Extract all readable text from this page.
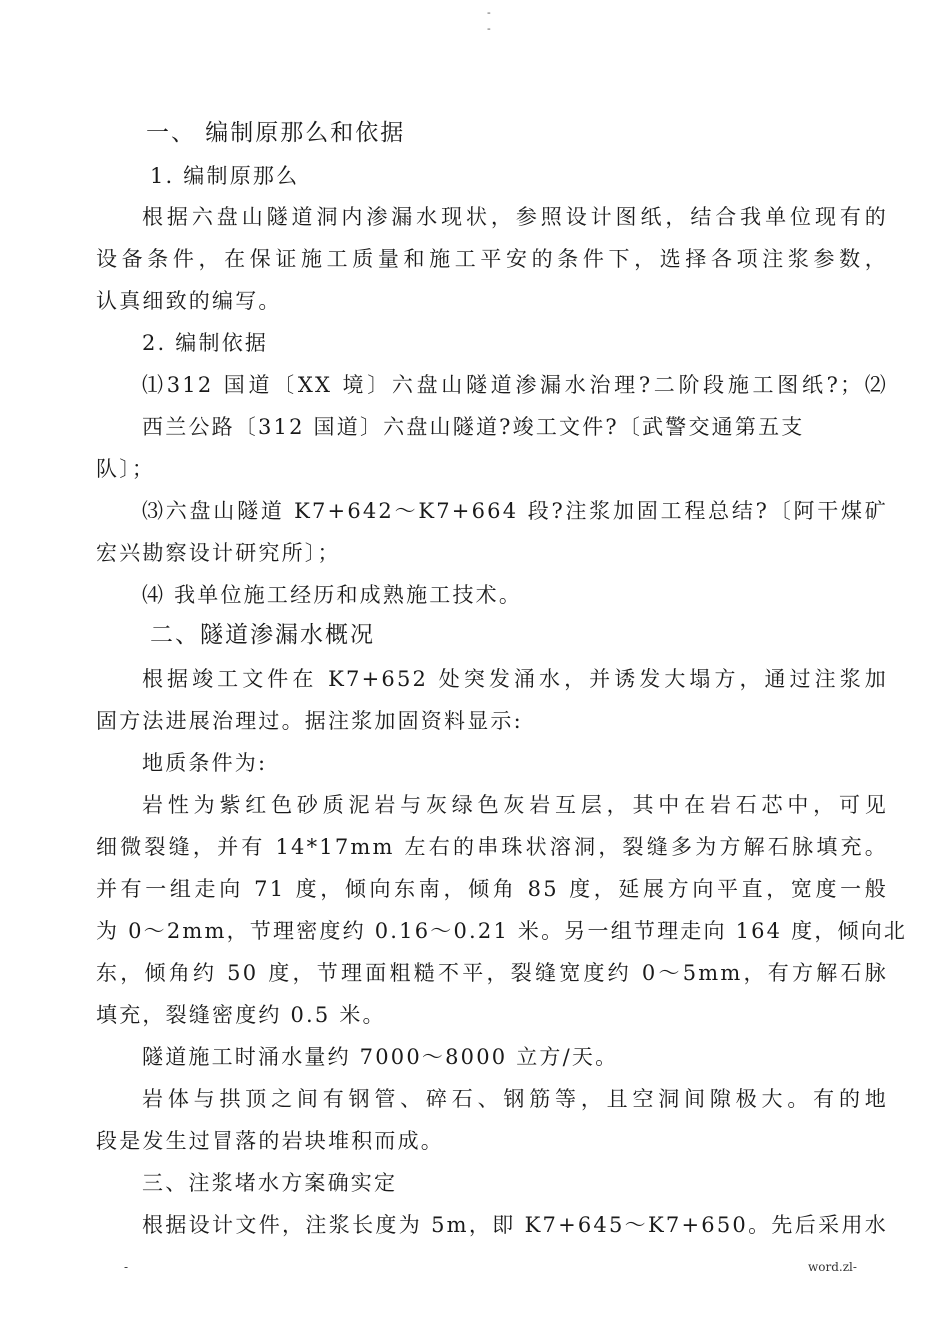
-
-
一、 编制原那么和依据

1. 编制原那么

根据六盘山隧道洞内渗漏水现状，参照设计图纸，结合我单位现有的

设备条件，在保证施工质量和施工平安的条件下，选择各项注浆参数，

认真细致的编写。

2. 编制依据

⑴312 国道〔XX 境〕六盘山隧道渗漏水治理?二阶段施工图纸?；⑵

西兰公路〔312 国道〕六盘山隧道?竣工文件?〔武警交通第五支

队〕；

⑶六盘山隧道 K7+642～K7+664 段?注浆加固工程总结?〔阿干煤矿

宏兴勘察设计研究所〕；

⑷ 我单位施工经历和成熟施工技术。

二、隧道渗漏水概况

根据竣工文件在 K7+652 处突发涌水，并诱发大塌方，通过注浆加

固方法进展治理过。据注浆加固资料显示:

地质条件为:

岩性为紫红色砂质泥岩与灰绿色灰岩互层，其中在岩石芯中，可见

细微裂缝，并有 14*17mm 左右的串珠状溶洞，裂缝多为方解石脉填充。

并有一组走向 71 度，倾向东南，倾角 85 度，延展方向平直，宽度一般

为 0～2mm，节理密度约 0.16～0.21 米。另一组节理走向 164 度，倾向北

东，倾角约 50 度，节理面粗糙不平，裂缝宽度约 0～5mm，有方解石脉

填充，裂缝密度约 0.5 米。

隧道施工时涌水量约 7000～8000 立方/天。

岩体与拱顶之间有钢管、碎石、钢筋等，且空洞间隙极大。有的地

段是发生过冒落的岩块堆积而成。

三、注浆堵水方案确实定

根据设计文件，注浆长度为 5m，即 K7+645～K7+650。先后采用水

-	word.zl-
